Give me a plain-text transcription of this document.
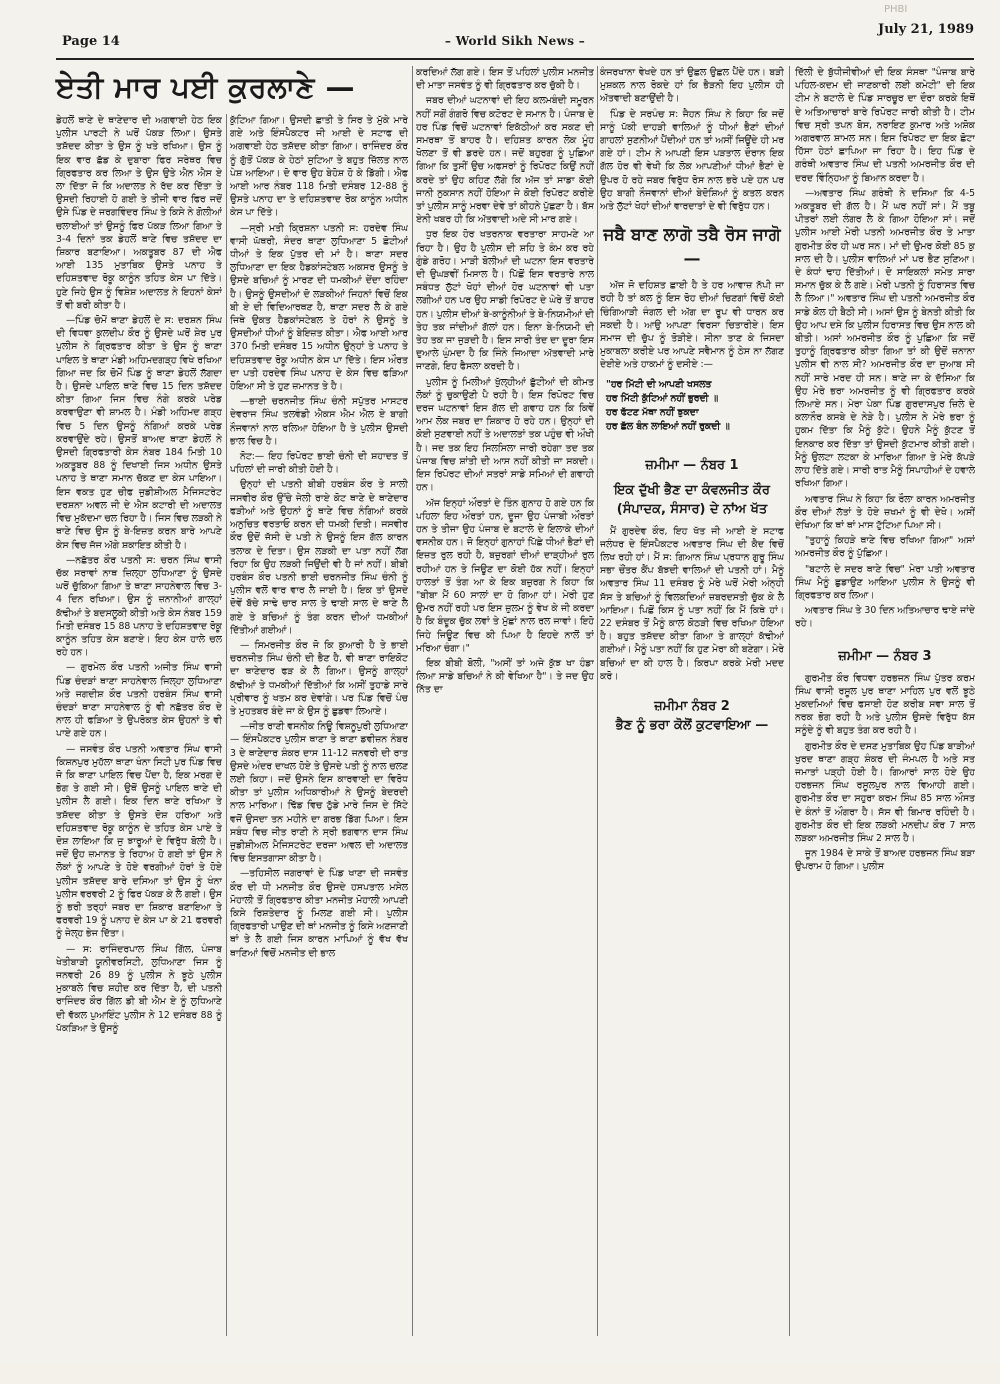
PHBI
Page 14	– World Sikh News –
July 21, 1989
ਏਤੀ ਮਾਰ ਪਈ ਕੁਰਲਾਣੇ —

ਡੇਹਲੋਂ ਥਾਣੇ ਦੇ ਥਾਣੇਦਾਰ ਦੀ ਅਗਵਾਈ ਹੇਠ ਇਕ ਪੁਲੀਸ ਪਾਰਟੀ ਨੇ ਘਰੋਂ ਪੱਕੜ ਲਿਆ। ਉਸਤੇ ਤਸ਼ੱਦਦ ਕੀਤਾ ਤੇ ਉਸ ਨੂੰ ਖਤੇ ਰਖਿਆ। ਉਸ ਨੂੰ ਇਕ ਵਾਰ ਛੱਡ ਕੇ ਦੁਬਾਰਾ ਫਿਰ ਸਰੇਥਰ ਵਿਚ ਗ੍ਰਿਫਤਾਰ ਕਰ ਲਿਆ ਤੇ ਉਸ ਉਤੇ ਐਨ ਐਸ ਏ ਲਾ ਦਿੱਤਾ ਜੋ ਕਿ ਅਦਾਲਤ ਨੇ ਰੱਦ ਕਰ ਦਿੱਤਾ ਤੇ ਉਸਦੀ ਰਿਹਾਈ ਹੋ ਗਈ ਤੇ ਤੀਜੀ ਵਾਰ ਫਿਰ ਜਦੋਂ ਉਸੇ ਪਿੰਡ ਦੇ ਜਰਗਵਿੰਦਰ ਸਿੰਘ ਤੇ ਕਿਸੇ ਨੇ ਗੋਲੀਆਂ ਚਲਾਈਆਂ ਤਾਂ ਉਸਨੂੰ ਫਿਰ ਪੱਕੜ ਲਿਆ ਗਿਆ ਤੇ 3-4 ਦਿਨਾਂ ਤਕ ਡੇਹਲੋਂ ਥਾਣੇ ਵਿਚ ਤਸ਼ੱਦਦ ਦਾ ਸ਼ਿਕਾਰ ਬਣਾਇਆ। ਅਕਤੂਬਰ 87 ਦੀ ਐਫ ਆਈ 135 ਮੁਤਾਬਿਕ ਉਸਤੇ ਪਨਾਹ ਤੇ ਦਹਿਸ਼ਤਵਾਦ ਰੋਕੂ ਕਾਨੂੰਨ ਤਹਿਤ ਕੇਸ ਪਾ ਦਿੱਤੇ। ਹੁਣੇ ਜਿਹੇ ਉਸ ਨੂੰ ਵਿਸ਼ੇਸ਼ ਅਦਾਲਤ ਨੇ ਇਹਨਾਂ ਕੇਸਾਂ ਤੋਂ ਵੀ ਬਰੀ ਕੀਤਾ ਹੈ।

—ਪਿੰਡ ਚੋਮੋਂ ਥਾਣਾ ਡੇਹਲੋਂ ਦੇ ਸ: ਦਰਸ਼ਨ ਸਿੰਘ ਦੀ ਵਿਧਵਾ ਕੁਲਦੀਪ ਕੌਰ ਨੂੰ ਉਸਦੇ ਘਰੋਂ ਸ਼ੇਰ ਪੁਰ ਪੁਲੀਸ ਨੇ ਗ੍ਰਿਫਤਾਰ ਕੀਤਾ ਤੇ ਉਸ ਨੂੰ ਥਾਣਾ ਪਾਇਲ ਤੇ ਥਾਣਾ ਮੰਡੀ ਅਹਿਮਦਗੜ੍ਹ ਵਿਖੇ ਰਖਿਆ ਗਿਆ ਜਦ ਕਿ ਚੋਮੋਂ ਪਿੰਡ ਨੂੰ ਥਾਣਾ ਡੇਹਲੋਂ ਲੱਗਦਾ ਹੈ। ਉਸਦੇ ਪਾਇਲ ਥਾਣੇ ਵਿਚ 15 ਦਿਨ ਤਸ਼ੱਦਦ ਕੀਤਾ ਗਿਆ ਜਿਸ ਵਿਚ ਨੰਗੇ ਕਰਕੇ ਪਰੇਡ ਕਰਵਾਉਣਾ ਵੀ ਸ਼ਾਮਲ ਹੈ। ਮੰਡੀ ਅਹਿਮਦ ਗੜ੍ਹ ਵਿਚ 5 ਦਿਨ ਉਸਨੂੰ ਨੰਗਿਆਂ ਕਰਕੇ ਪਰੇਡ ਕਰਵਾਉਂਦੇ ਰਹੇ। ਉਸਤੋਂ ਬਾਅਦ ਥਾਣਾ ਡੇਹਲੋਂ ਨੇ ਉਸਦੀ ਗ੍ਰਿਫਤਾਰੀ ਕੇਸ ਨੰਬਰ 184 ਮਿਤੀ 10 ਅਕਤੂਬਰ 88 ਨੂੰ ਦਿਖਾਈ ਜਿਸ ਅਧੀਨ ਉਸਤੇ ਪਨਾਹ ਤੇ ਥਾਣਾ ਸਮਾਨ ਚੱਕਣ ਦਾ ਕੇਸ ਪਾਇਆ। ਇਸ ਵਕਤ ਹੁਣ ਚੀਫ ਜੁਡੀਸ਼ੀਅਲ ਮੈਜਿਸਟਰੇਟ ਦਰਸ਼ਨਾ ਅਵਲ ਜੀ ਦੇ ਐਸ ਕਟਾਰੀ ਦੀ ਅਦਾਲਤ ਵਿਚ ਮੁਕੱਦਮਾ ਚਲ ਰਿਹਾ ਹੈ। ਜਿਸ ਵਿਚ ਲੜਕੀ ਨੇ ਥਾਣੇ ਵਿਚ ਉਸ ਨੂੰ ਬੇ-ਇਜ਼ਤ ਕਰਨ ਬਾਰੇ ਆਪਣੇ ਕੇਸ ਵਿਚ ਜੱਜ ਅੱਗੇ ਸ਼ਕਾਇਤ ਕੀਤੀ ਹੈ।

—ਨਛੱਤਰ ਕੌਰ ਪਤਨੀ ਸ: ਚਰਨ ਸਿੰਘ ਵਾਸੀ ਚੱਕ ਸਰਾਵਾਂ ਨਾਥ ਜ਼ਿਲ੍ਹਾ ਲੁਧਿਆਣਾ ਨੂੰ ਉਸਦੇ ਘਰੋਂ ਚੁੱਕਿਆ ਗਿਆ ਤੇ ਥਾਣਾ ਸਾਹਨੇਵਾਲ ਵਿਚ 3-4 ਦਿਨ ਰਖਿਆ। ਉਸ ਨੂੰ ਜ਼ਨਾਨੀਆਂ ਗਾਲ੍ਹਾਂ ਕੱਢੀਆਂ ਤੇ ਬਦਸਲੂਕੀ ਕੀਤੀ ਅਤੇ ਕੇਸ ਨੰਬਰ 159 ਮਿਤੀ ਦਸੰਬਰ 15 88 ਪਨਾਹ ਤੇ ਦਹਿਸ਼ਤਵਾਦ ਰੋਕੂ ਕਾਨੂੰਨ ਤਹਿਤ ਕੇਸ ਬਣਾਏ। ਇਹ ਕੇਸ ਹਾਲੇ ਚਲ ਰਹੇ ਹਨ।

— ਗੁਰਮੇਲ ਕੌਰ ਪਤਨੀ ਅਜੀਤ ਸਿੰਘ ਵਾਸੀ ਪਿੰਡ ਚੰਦੜਾਂ ਥਾਣਾ ਸਾਹਨੇਵਾਲ ਜਿਲ੍ਹਾ ਲੁਧਿਆਣਾ ਅਤੇ ਜਗਦੀਸ਼ ਕੌਰ ਪਤਨੀ ਹਰਬੰਸ ਸਿੰਘ ਵਾਸੀ ਚੰਦੜਾਂ ਥਾਣਾ ਸਾਹਨੇਵਾਲ ਨੂੰ ਵੀ ਨਛੱਤਰ ਕੌਰ ਦੇ ਨਾਲ ਹੀ ਫੜਿਆ ਤੇ ਉਪਰੋਕਤ ਕੇਸ ਉਹਨਾਂ ਤੇ ਵੀ ਪਾਏ ਗਏ ਹਨ।

— ਜਸਵੰਤ ਕੌਰ ਪਤਨੀ ਅਵਤਾਰ ਸਿੰਘ ਵਾਸੀ ਕਿਸ਼ਨਪੁਰ ਮੁਹੱਲਾ ਥਾਣਾ ਖੰਨਾ ਸਿਟੀ ਪੁਰ ਪਿੰਡ ਵਿਚ ਜੋ ਕਿ ਥਾਣਾ ਪਾਇਲ ਵਿਚ ਪੈਂਦਾ ਹੈ, ਇਕ ਮਰਗ ਦੇ ਭੋਗ ਤੇ ਗਈ ਸੀ। ਉਥੋਂ ਉਸਨੂੰ ਪਾਇਲ ਥਾਣੇ ਦੀ ਪੁਲੀਸ ਲੈ ਗਈ। ਇਕ ਦਿਨ ਥਾਣੇ ਰਖਿਆ ਤੇ ਤਸ਼ੱਦਦ ਕੀਤਾ ਤੇ ਉਸਤੇ ਦੋਸ਼ ਹਰਿਆ ਅਤੇ ਦਹਿਸ਼ਤਵਾਦ ਰੋਕੂ ਕਾਨੂੰਨ ਦੇ ਤਹਿਤ ਕੇਸ ਪਾਏ ਤੇ ਦੋਸ਼ ਲਾਇਆ ਕਿ ਜੁ ਝਾਰੂਆਂ ਦੇ ਵਿਰੁੱਧ ਬੋਲੀ ਹੈ। ਜਦੋਂ ਉਹ ਜ਼ਮਾਨਤ ਤੇ ਰਿਹਾਅ ਹੋ ਗਈ ਤਾਂ ਉਸ ਨੇ ਲੋਕਾਂ ਨੂੰ ਆਪਣੇ ਤੇ ਹੋਏ ਵਰਗੀਆਂ ਹੋਰਾਂ ਤੇ ਹੋਏ ਪੁਲੀਸ ਤਸ਼ੱਦਦ ਬਾਰੇ ਦਸਿਆ ਤਾਂ ਉਸ ਨੂੰ ਖੰਨਾ ਪੁਲੀਸ ਵਰਵਰੀ 2 ਨੂੰ ਫਿਰ ਪੱਕੜ ਕੇ ਲੈ ਗਈ। ਉਸ ਨੂੰ ਭਰੀ ਤਰ੍ਹਾਂ ਜਬਰ ਦਾ ਸ਼ਿਕਾਰ ਬਣਾਇਆ ਤੇ ਫਰਵਰੀ 19 ਨੂੰ ਪਨਾਹ ਦੇ ਕੇਸ ਪਾ ਕੇ 21 ਫਰਵਰੀ ਨੂੰ ਜੇਲ੍ਹ ਭੇਜ ਦਿੱਤਾ।

— ਸ: ਰਾਜਿੰਦਰਪਾਲ ਸਿੰਘ ਗਿੱਲ, ਪੰਜਾਬ ਖੇਤੀਬਾੜੀ ਯੂਨੀਵਰਸਿਟੀ, ਲੁਧਿਆਣਾ ਜਿਸ ਨੂੰ ਜਨਵਰੀ 26 89 ਨੂੰ ਪੁਲੀਸ ਨੇ ਝੂਠੇ ਪੁਲੀਸ ਮੁਕਾਬਲੇ ਵਿਚ ਸ਼ਹੀਦ ਕਰ ਦਿੱਤਾ ਹੈ, ਦੀ ਪਤਨੀ ਰਾਜਿੰਦਰ ਕੌਰ ਗਿੱਲ ਡੀ ਬੀ ਐਮ ਏ ਨੂੰ ਲੁਧਿਆਣੇ ਦੀ ਵੱਕਲ ਪੁਆਇੰਟ ਪੁਲੀਸ ਨੇ 12 ਦਸੰਬਰ 88 ਨੂੰ ਪੱਕੜਿਆ ਤੇ ਉਸਨੂੰ

ਕੁੱਟਿਆ ਗਿਆ। ਉਸਦੀ ਛਾਤੀ ਤੇ ਸਿਰ ਤੇ ਮੁੱਕੇ ਮਾਰੇ ਗਏ ਅਤੇ ਇੰਸਪੈਕਟਰ ਜੀ ਆਈ ਦੇ ਸਟਾਫ ਦੀ ਅਗਵਾਈ ਹੇਠ ਤਸ਼ੱਦਦ ਕੀਤਾ ਗਿਆ। ਰਾਜਿੰਦਰ ਕੌਰ ਨੂੰ ਗੁੱਤੋਂ ਪੱਕੜ ਕੇ ਹੇਠਾਂ ਸੁਟਿਆ ਤੇ ਬਹੁਤ ਜ਼ਿੱਲਤ ਨਾਲ ਪੇਸ਼ ਆਇਆ। ਦੋ ਵਾਰ ਉਹ ਬੇਹੋਸ਼ ਹੋ ਕੇ ਡਿੱਗੀ। ਐਫ ਆਈ ਆਰ ਨੰਬਰ 118 ਮਿਤੀ ਦਸੰਬਰ 12-88 ਨੂੰ ਉਸਤੇ ਪਨਾਹ ਦਾ ਤੇ ਦਹਿਸ਼ਤਵਾਦ ਰੋਕ ਕਾਨੂੰਨ ਅਧੀਨ ਕੇਸ ਪਾ ਦਿੱਤੇ।

—ਸ੍ਰੀ ਮਤੀ ਕ੍ਰਿਸ਼ਨਾ ਪਤਨੀ ਸ: ਹਰਦੇਵ ਸਿੰਘ ਵਾਸੀ ਘੱਥਰੀ, ਸੰਦਰ ਥਾਣਾ ਲੁਧਿਆਣਾ 5 ਛੋਟੀਆਂ ਧੀਆਂ ਤੇ ਇਕ ਪੁੱਤਰ ਦੀ ਮਾਂ ਹੈ। ਥਾਣਾ ਸਦਰ ਲੁਧਿਆਣਾ ਦਾ ਇਕ ਹੈਡਕਾਂਸਟੇਬਲ ਅਕਸਰ ਉਸਨੂੰ ਤੇ ਉਸਦੇ ਬਚਿਆਂ ਨੂੰ ਮਾਰਣ ਦੀ ਧਮਕੀਆਂ ਦੇਂਦਾ ਰਹਿੰਦਾ ਹੈ। ਉਸਨੂੰ ਉਸਦੀਆਂ ਦੋ ਲੜਕੀਆਂ ਜਿਹਨਾਂ ਵਿਚੋਂ ਇਕ ਬੀ ਏ ਦੀ ਵਿਦਿਆਰਥਣ ਹੈ, ਥਾਣਾ ਸਦਰ ਲੈ ਕੇ ਗਏ ਜਿਥੇ ਉਕਤ ਹੈਡਕਾਂਸਟੇਬਲ ਤੇ ਹੋਰਾਂ ਨੇ ਉਸਨੂੰ ਤੇ ਉਸਦੀਆਂ ਧੀਆਂ ਨੂੰ ਬੇਇਜ਼ਤ ਕੀਤਾ। ਐਫ ਆਈ ਆਰ 370 ਮਿਤੀ ਦਸੰਬਰ 15 ਅਧੀਨ ਉਨ੍ਹਾਂ ਤੇ ਪਨਾਹ ਤੇ ਦਹਿਸ਼ਤਵਾਦ ਰੋਕੂ ਅਧੀਨ ਕੇਸ ਪਾ ਦਿੱਤੇ। ਇਸ ਔਰਤ ਦਾ ਪਤੀ ਹਰਦੇਵ ਸਿੰਘ ਪਨਾਹ ਦੇ ਕੇਸ ਵਿਚ ਫੜਿਆ ਹੋਇਆ ਸੀ ਤੇ ਹੁਣ ਜ਼ਮਾਨਤ ਤੇ ਹੈ।

—ਭਾਈ ਚਰਨਜੀਤ ਸਿੰਘ ਚੰਨੀ ਸਪੁੱਤਰ ਮਾਸਟਰ ਦੇਵਰਾਜ ਸਿੰਘ ਤਲਵੰਡੀ ਐਕਸ ਐਮ ਐਲ ਏ ਬਾਗੀ ਨੌਜਵਾਨਾਂ ਨਾਲ ਰਲਿਆ ਹੋਇਆ ਹੈ ਤੇ ਪੁਲੀਸ ਉਸਦੀ ਭਾਲ ਵਿਚ ਹੈ।

ਨੋਟ:— ਇਹ ਰਿਪੋਰਟ ਭਾਈ ਚੰਨੀ ਦੀ ਸ਼ਹਾਦਤ ਤੋਂ ਪਹਿਲਾਂ ਦੀ ਜਾਰੀ ਕੀਤੀ ਹੋਈ ਹੈ।

ਉਨ੍ਹਾਂ ਦੀ ਪਤਨੀ ਬੀਬੀ ਹਰਬੰਸ ਕੌਰ ਤੇ ਸਾਲੀ ਜਸਵੀਰ ਕੌਰ ਉੱਚੇ ਜੇਲੀ ਰਾਏ ਕੋਟ ਥਾਣੇ ਦੇ ਥਾਣੇਦਾਰ ਫੜੀਆਂ ਅਤੇ ਉਹਨਾਂ ਨੂੰ ਥਾਣੇ ਵਿਚ ਨੰਗਿਆਂ ਕਰਕੇ ਅਨੁਚਿਤ ਵਰਤਾਓ ਕਰਨ ਦੀ ਧਮਕੀ ਦਿਤੀ। ਜਸਵੀਰ ਕੌਰ ਉਦੋਂ ਜੱਸੀ ਦੇ ਪਤੀ ਨੇ ਉਸਨੂੰ ਇਸ ਗੱਲ ਕਾਰਨ ਤਲਾਕ ਦੇ ਦਿਤਾ। ਉਸ ਲੜਕੀ ਦਾ ਪਤਾ ਨਹੀਂ ਲੱਗ ਰਿਹਾ ਕਿ ਉਹ ਲੜਕੀ ਜਿਉਂਦੀ ਵੀ ਹੈ ਜਾਂ ਨਹੀਂ। ਬੀਬੀ ਹਰਬੰਸ ਕੌਰ ਪਤਨੀ ਭਾਈ ਚਰਨਜੀਤ ਸਿੰਘ ਚੰਨੀ ਨੂੰ ਪੁਲੀਸ ਵਲੋਂ ਵਾਰ ਵਾਰ ਲੈ ਜਾਈ ਹੈ। ਇਕ ਤਾਂ ਉਸਦੇ ਦੋਵੇਂ ਬੱਚੇ ਸਾਢੇ ਚਾਰ ਸਾਲ ਤੇ ਢਾਈ ਸਾਲ ਦੇ ਥਾਣੇ ਲੈ ਗਏ ਤੇ ਬਚਿਆਂ ਨੂੰ ਤੰਗ ਕਰਨ ਦੀਆਂ ਧਮਕੀਆਂ ਦਿੱਤੀਆਂ ਗਈਆਂ।

— ਸਿਮਰਜੀਤ ਕੌਰ ਜੋ ਕਿ ਕੁਆਰੀ ਹੈ ਤੇ ਭਾਈ ਚਰਨਜੀਤ ਸਿੰਘ ਚੰਨੀ ਦੀ ਭੈਣ ਹੈ, ਵੀ ਥਾਣਾ ਰਾਇਕੋਟ ਦਾ ਥਾਣੇਦਾਰ ਫੜ ਕੇ ਲੈ ਗਿਆ। ਉਸਨੂੰ ਗਾਲ੍ਹਾਂ ਕੱਢੀਆਂ ਤੇ ਧਮਕੀਆਂ ਦਿੱਤੀਆਂ ਕਿ ਅਸੀਂ ਤੁਹਾਡੇ ਸਾਰੇ ਪ੍ਰੀਵਾਰ ਨੂੰ ਖਤਮ ਕਰ ਦੇਵਾਂਗੇ। ਪਰ ਪਿੰਡ ਵਿਚੋਂ ਪੰਚ ਤੇ ਮੁਹਤਬਰ ਬੰਦੇ ਜਾ ਕੇ ਉਸ ਨੂੰ ਛੁਡਵਾ ਲਿਆਏ।

—ਜੀਤ ਰਾਣੀ ਵਸਨੀਕ ਨਿਊ ਵਿਸ਼ਨੂਪੁਰੀ ਲੁਧਿਆਣਾ— ਇੰਸਪੈਕਟਰ ਪੁਲੀਸ ਥਾਣਾ ਤੇ ਥਾਣਾ ਡਵੀਜ਼ਨ ਨੰਬਰ 3 ਦੇ ਥਾਣੇਦਾਰ ਸ਼ੰਕਰ ਦਾਸ 11-12 ਜਨਵਰੀ ਦੀ ਰਾਤ ਉਸਦੇ ਅੰਦਰ ਦਾਖਲ ਹੋਏ ਤੇ ਉਸਦੇ ਪਤੀ ਨੂੰ ਨਾਲ ਚਲਣ ਲਈ ਕਿਹਾ। ਜਦੋਂ ਉਸਨੇ ਇਸ ਕਾਰਵਾਈ ਦਾ ਵਿਰੋਧ ਕੀਤਾ ਤਾਂ ਪੁਲੀਸ ਅਧਿਕਾਰੀਆਂ ਨੇ ਉਸਨੂੰ ਬੇਦਰਦੀ ਨਾਲ ਮਾਰਿਆ। ਢਿੱਡ ਵਿਚ ਠੁੱਡੇ ਮਾਰੇ ਜਿਸ ਦੇ ਸਿੱਟੇ ਵਜੋਂ ਉਸਦਾ ਤਨ ਮਹੀਨੇ ਦਾ ਗਰਭ ਡਿੱਗ ਪਿਆ। ਇਸ ਸਬੰਧ ਵਿਚ ਜੀਤ ਰਾਣੀ ਨੇ ਸ੍ਰੀ ਭਗਵਾਨ ਦਾਸ ਸਿੰਘ ਜੁਡੀਸ਼ੀਅਲ ਮੈਜਿਸਟਰੇਟ ਦਰਜਾ ਅਵਲ ਦੀ ਅਦਾਲਤ ਵਿਚ ਇਸਤਗਾਸਾ ਕੀਤਾ ਹੈ।

—ਤਹਿਸੀਲ ਜਗਰਾਵਾਂ ਦੇ ਪਿੰਡ ਖਾਣਾ ਦੀ ਜਸਵੰਤ ਕੌਰ ਦੀ ਧੀ ਮਨਜੀਤ ਕੌਰ ਉਸਦੇ ਹਸਪਤਾਲ ਮਸੇਲ ਮੋਹਾਲੀ ਤੋਂ ਗ੍ਰਿਫਤਾਰ ਕੀਤਾ ਮਨਜੀਤ ਮੋਹਾਲੀ ਆਪਣੀ ਕਿਸੇ ਰਿਸ਼ਤੇਦਾਰ ਨੂੰ ਮਿਲਣ ਗਈ ਸੀ। ਪੁਲੀਸ ਗ੍ਰਿਫਤਾਰੀ ਪਾਉਣ ਦੀ ਥਾਂ ਮਨਜੀਤ ਨੂੰ ਕਿਸੇ ਅਣਜਾਣੀ ਥਾਂ ਤੇ ਲੈ ਗਈ ਜਿਸ ਕਾਰਨ ਮਾਪਿਆਂ ਨੂੰ ਵੱਖ ਵੱਖ ਥਾਣਿਆਂ ਵਿਚੋਂ ਮਨਜੀਤ ਦੀ ਭਾਲ

ਕਰਦਿਆਂ ਲੱਗ ਗਏ। ਇਸ ਤੋਂ ਪਹਿਲਾਂ ਪੁਲੀਸ ਮਨਜੀਤ ਦੀ ਮਾਤਾ ਜਸਵੰਤ ਨੂੰ ਵੀ ਗ੍ਰਿਫਤਾਰ ਕਰ ਚੁੱਕੀ ਹੈ।

ਜਬਰ ਦੀਆਂ ਘਟਨਾਵਾਂ ਦੀ ਇਹ ਕਲਮਬੰਦੀ ਸਮੂਰਨ ਨਹੀਂ ਸਗੋਂ ਗੰਗਰੋ ਵਿਚ ਕਟੋਰਟ ਦੇ ਸਮਾਨ ਹੈ। ਪੰਜਾਬ ਦੇ ਹਰ ਪਿੰਡ ਵਿਚੋਂ ਘਟਨਾਵਾਂ ਇਕੱਠੀਆਂ ਕਰ ਸਕਣ ਦੀ ਸਮਰਥਾ ਤੋਂ ਬਾਹਰ ਹੈ। ਦਹਿਸ਼ਤ ਕਾਰਨ ਲੋਕ ਮੂੰਹ ਖੋਲਣਾ ਤੋਂ ਵੀ ਡਰਦੇ ਹਨ। ਜਦੋਂ ਬਹੁਰਗ ਨੂੰ ਪੁਛਿਆ ਗਿਆ ਕਿ ਤੁਸੀਂ ਉਚ ਅਫਸਰਾਂ ਨੂੰ ਰਿਪੋਰਟ ਕਿਉਂ ਨਹੀਂ ਕਰਦੇ ਤਾਂ ਉਹ ਕਹਿਣ ਲੱਗੇ ਕਿ ਅੱਜ ਤਾਂ ਸਾਡਾ ਕੋਈ ਜਾਨੀ ਨੁਕਸਾਨ ਨਹੀਂ ਹੋਇਆ ਜੇ ਕੋਈ ਰਿਪੋਰਟ ਕਰੀਏ ਤਾਂ ਪੁਲੀਸ ਸਾਨੂੰ ਮਰਵਾ ਦੇਵੇ ਤਾਂ ਕੀਹਨੇ ਪੁੱਛਣਾ ਹੈ। ਬੱਸ ਏਨੀ ਖਬਰ ਹੀ ਕਿ ਅੱਤਵਾਦੀ ਅਦੇ ਸੀ ਮਾਰ ਗਏ।

ਧੁਰ ਇਕ ਹੋਰ ਖਤਰਨਾਕ ਵਰਤਾਰਾ ਸਾਹਮਣੇ ਆ ਰਿਹਾ ਹੈ। ਉਹ ਹੈ ਪੁਲੀਸ ਦੀ ਸ਼ਹਿ ਤੇ ਕੰਮ ਕਰ ਰਹੇ ਗੁੰਡੇ ਗਰੋਹ। ਮਾੜੀ ਬੋਲੀਆਂ ਦੀ ਘਟਨਾ ਇਸ ਵਰਤਾਰੇ ਦੀ ਉਘੜਵੀਂ ਮਿਸਾਲ ਹੈ। ਪਿੱਛੋਂ ਇਸ ਵਰਤਾਰੇ ਨਾਲ ਸਬੰਧਤ ਲੁੱਟਾਂ ਖੋਹਾਂ ਦੀਆਂ ਹੋਰ ਘਟਨਾਵਾਂ ਵੀ ਪਤਾ ਲਗੀਆਂ ਹਨ ਪਰ ਉਹ ਸਾਡੀ ਰਿਪੋਰਟ ਦੇ ਘੇਰੇ ਤੋਂ ਬਾਹਰ ਹਨ। ਪੁਲੀਸ ਦੀਆਂ ਬੇ-ਕਾਨੂੰਨੀਆਂ ਤੇ ਬੇ-ਨਿਯਮੀਆਂ ਦੀ ਤੇਹ ਤਕ ਜਾਂਦੀਆਂ ਗੱਲਾਂ ਹਨ। ਇਨਾ ਬੇ-ਨਿਯਮੀ ਦੀ ਤੇਹ ਤਕ ਜਾ ਜੁੜਦੀ ਹੈ। ਇਸ ਸਾਰੀ ਤੰਦ ਦਾ ਦੂਰਾ ਇਸ ਦੁਆਲੇ ਘੁੰਮਦਾ ਹੈ ਕਿ ਜਿੰਨੇ ਜਿਆਦਾ ਅੱਤਵਾਦੀ ਮਾਰੇ ਜਾਣਗੇ, ਇਹ ਫੈਸਲਾ ਕਰਦੀ ਹੈ।

ਪੁਲੀਸ ਨੂੰ ਮਿਲੀਆਂ ਖੁੱਲ੍ਹੀਆਂ ਛੁੱਟੀਆਂ ਦੀ ਕੀਮਤ ਲੋਕਾਂ ਨੂੰ ਚੁਕਾਉਣੀ ਪੈ ਰਹੀ ਹੈ। ਇਸ ਰਿਪੋਰਟ ਵਿਚ ਦਰਜ ਘਟਨਾਵਾਂ ਇਸ ਗੱਲ ਦੀ ਗਵਾਹ ਹਨ ਕਿ ਕਿਵੇਂ ਆਮ ਲੋਕ ਜਬਰ ਦਾ ਸ਼ਿਕਾਰ ਹੋ ਰਹੇ ਹਨ। ਉਨ੍ਹਾਂ ਦੀ ਕੋਈ ਸੁਣਵਾਈ ਨਹੀਂ ਤੇ ਅਦਾਲਤਾਂ ਤਕ ਪਹੁੰਚ ਵੀ ਔਖੀ ਹੈ। ਜਦ ਤਕ ਇਹ ਸਿਲਸਿਲਾ ਜਾਰੀ ਰਹੇਗਾ ਤਦ ਤਕ ਪੰਜਾਬ ਵਿਚ ਸ਼ਾਂਤੀ ਦੀ ਆਸ ਨਹੀਂ ਕੀਤੀ ਜਾ ਸਕਦੀ। ਇਸ ਰਿਪੋਰਟ ਦੀਆਂ ਸਤਰਾਂ ਸਾਡੇ ਸਮਿਆਂ ਦੀ ਗਵਾਹੀ ਹਨ।

ਅੱਜ ਇਨ੍ਹਾਂ ਔਰਤਾਂ ਦੇ ਤਿੰਨ ਗੁਨਾਹ ਹੋ ਗਏ ਹਨ ਕਿ ਪਹਿਲਾ ਇਹ ਔਰਤਾਂ ਹਨ, ਦੂਜਾ ਉਹ ਪੰਜਾਬੀ ਔਰਤਾਂ ਹਨ ਤੇ ਤੀਜਾ ਉਹ ਪੰਜਾਬ ਦੇ ਬਟਾਲੇ ਦੇ ਇਲਾਕੇ ਦੀਆਂ ਵਸਨੀਕ ਹਨ। ਜੋ ਇਨ੍ਹਾਂ ਗੁਨਾਹਾਂ ਪਿੱਛੇ ਧੀਆਂ ਭੈਣਾਂ ਦੀ ਇਜ਼ਤ ਰੁਲ ਰਹੀ ਹੈ, ਬਜ਼ੁਰਗਾਂ ਦੀਆਂ ਦਾੜ੍ਹੀਆਂ ਰੁਲ ਰਹੀਆਂ ਹਨ ਤੇ ਜਿਊਣ ਦਾ ਕੋਈ ਹੱਕ ਨਹੀਂ। ਇਨ੍ਹਾਂ ਹਾਲਤਾਂ ਤੋਂ ਤੰਗ ਆ ਕੇ ਇਕ ਬਜ਼ੁਰਗ ਨੇ ਕਿਹਾ ਕਿ "ਬੀਬਾ ਮੈਂ 60 ਸਾਲਾਂ ਦਾ ਹੋ ਗਿਆ ਹਾਂ। ਮੇਰੀ ਹੁਣ ਉਮਰ ਨਹੀਂ ਰਹੀ ਪਰ ਇਸ ਜ਼ੁਲਮ ਨੂੰ ਵੇਖ ਕੇ ਜੀ ਕਰਦਾ ਹੈ ਕਿ ਬੰਦੂਕ ਚੁੱਕ ਲਵਾਂ ਤੇ ਮੁੱਛਾਂ ਨਾਲ ਰਲ ਜਾਵਾਂ। ਇਹੋ ਜਿਹੇ ਜਿਊਣ ਵਿਚ ਕੀ ਪਿਆ ਹੈ ਇਹਦੇ ਨਾਲੋਂ ਤਾਂ ਮਰਿਆ ਚੰਗਾ।"

ਇਕ ਬੀਬੀ ਬੋਲੀ, "ਅਸੀਂ ਤਾਂ ਅਜੇ ਕੁੱਝ ਖਾ ਹੰਡਾ ਲਿਆ ਸਾਡੇ ਬਚਿਆਂ ਨੇ ਕੀ ਵੇਖਿਆ ਹੈ"। ਤੇ ਜਦ ਉਹ ਨਿੱਤ ਦਾ

ਕੰਜਰਖਾਨਾ ਵੇਖਦੇ ਹਨ ਤਾਂ ਉਛਲ ਉਛਲ ਪੈਂਦੇ ਹਨ। ਬੜੀ ਮੁਸ਼ਕਲ ਨਾਲ ਰੋਕਦੇ ਹਾਂ ਕਿ ਭੈੜਨੀ ਇਹ ਪੁਲੀਸ ਹੀ ਅੱਤਵਾਦੀ ਬਣਾਉਂਦੀ ਹੈ।

ਪਿੰਡ ਦੇ ਸਰਪੰਚ ਸ: ਜੈਹਨ ਸਿੰਘ ਨੇ ਕਿਹਾ ਕਿ ਜਦੋਂ ਸਾਨੂੰ ਪੱਕੀ ਦਾਹੜੀ ਵਾਲਿਆਂ ਨੂੰ ਧੀਆਂ ਭੈਣਾਂ ਦੀਆਂ ਗਾਹਲਾਂ ਸੁਣਨੀਆਂ ਪੈਂਦੀਆਂ ਹਨ ਤਾਂ ਅਸੀਂ ਜਿਊਂਦੇ ਹੀ ਮਰ ਗਏ ਹਾਂ। ਟੀਮ ਨੇ ਆਪਣੀ ਇਸ ਪੜਤਾਲ ਦੌਰਾਨ ਇਕ ਗੱਲ ਹੋਰ ਵੀ ਵੇਖੀ ਕਿ ਲੋਕ ਆਪਣੀਆਂ ਧੀਆਂ ਭੈਣਾਂ ਦੇ ਉਪਰ ਹੋ ਰਹੇ ਜਬਰ ਵਿਰੁੱਧ ਰੋਸ ਨਾਲ ਭਰੇ ਪਏ ਹਨ ਪਰ ਉਹ ਬਾਗੀ ਨੌਜਵਾਨਾਂ ਦੀਆਂ ਬੇਦੋਸ਼ਿਆਂ ਨੂੰ ਕਤਲ ਕਰਨ ਅਤੇ ਲੁੱਟਾਂ ਖੋਹਾਂ ਦੀਆਂ ਵਾਰਦਾਤਾਂ ਦੇ ਵੀ ਵਿਰੁੱਧ ਹਨ।

ਜਬੈ ਬਾਣ ਲਾਗੋ ਤਬੈ ਰੋਸ ਜਾਗੋ —

ਅੱਜ ਜੋ ਦਹਿਸ਼ਤ ਛਾਈ ਹੈ ਤੇ ਹਰ ਆਵਾਜ਼ ਨੱਪੀ ਜਾ ਰਹੀ ਹੈ ਤਾਂ ਕਲ ਨੂੰ ਇਸ ਰੋਹ ਦੀਆਂ ਚਿਣਗਾਂ ਵਿਚੋਂ ਕੋਈ ਚਿੰਗਿਆੜੀ ਜੰਗਲ ਦੀ ਅੱਗ ਦਾ ਰੂਪ ਵੀ ਧਾਰਨ ਕਰ ਸਕਦੀ ਹੈ। ਆਉ ਆਪਣਾ ਵਿਰਸਾ ਚਿਤਾਰੀਏ। ਇਸ ਸਮਾਜ ਦੀ ਚੁੱਪ ਨੂੰ ਤੋੜੀਏ। ਸੀਨਾ ਤਾਣ ਕੇ ਜਿਸਦਾ ਮੁਕਾਬਲਾ ਕਰੀਏ ਪਰ ਆਪਣੇ ਸਵੈਮਾਨ ਨੂੰ ਠੇਸ ਨਾ ਲੱਗਣ ਦੇਈਏ ਅਤੇ ਹਾਕਮਾਂ ਨੂੰ ਦਸੀਏ :—

"ਹਰ ਮਿੱਟੀ ਦੀ ਆਪਣੀ ਖਸਲਤ
ਹਰ ਮਿੱਟੀ ਕੁੱਟਿਆਂ ਨਹੀਂ ਭੁਰਦੀ ॥
ਹਰ ਫੱਟਣ ਮੱਥਾ ਨਹੀਂ ਝੁਕਦਾ
ਹਰ ਛੱਲ ਬੰਨ ਲਾਇਆਂ ਨਹੀਂ ਰੁਕਦੀ ॥
ਜ਼ਮੀਮਾ — ਨੰਬਰ 1
ਇਕ ਦੁੱਖੀ ਭੈਣ ਦਾ ਕੰਵਲਜੀਤ ਕੌਰ (ਸੰਪਾਦਕ, ਸੰਸਾਰ) ਦੇ ਨਾਂਅ ਖੱਤ

ਮੈਂ ਗੁਰਦੇਵ ਕੌਰ, ਇਹ ਖੱਤ ਜੀ ਆਈ ਏ ਸਟਾਫ ਜਲੰਧਰ ਦੇ ਇੰਸਪੈਕਟਰ ਅਵਤਾਰ ਸਿੰਘ ਦੀ ਕੈਦ ਵਿਚੋਂ ਲਿਖ ਰਹੀ ਹਾਂ। ਮੈਂ ਸ: ਗਿਆਨ ਸਿੰਘ ਪ੍ਰਧਾਨ ਗੁਰੂ ਸਿੰਘ ਸਭਾ ਚੌਂਤਰ ਕੈਂਪ ਬੱਝਦੀ ਵਾਲਿਆਂ ਦੀ ਪਤਨੀ ਹਾਂ। ਮੈਨੂੰ ਅਵਤਾਰ ਸਿੰਘ 11 ਦਸੰਬਰ ਨੂੰ ਮੇਰੇ ਘਰੋਂ ਮੇਰੀ ਅੰਨ੍ਹੀ ਸੱਸ ਤੇ ਬਚਿਆਂ ਨੂੰ ਵਿਲਕਦਿਆਂ ਜ਼ਬਰਦਸਤੀ ਚੁੱਕ ਕੇ ਲੈ ਆਇਆ। ਪਿਛੋਂ ਕਿਸ ਨੂੰ ਪਤਾ ਨਹੀਂ ਕਿ ਮੈਂ ਕਿਥੇ ਹਾਂ। 22 ਦਸੰਬਰ ਤੋਂ ਮੈਨੂੰ ਕਾਲ ਕੋਠੜੀ ਵਿਚ ਰਖਿਆ ਹੋਇਆ ਹੈ। ਬਹੁਤ ਤਸ਼ੱਦਦ ਕੀਤਾ ਗਿਆ ਤੇ ਗਾਲ੍ਹਾਂ ਕੱਢੀਆਂ ਗਈਆਂ। ਮੈਨੂੰ ਪਤਾ ਨਹੀਂ ਕਿ ਹੁਣ ਮੇਰਾ ਕੀ ਬਣੇਗਾ। ਮੇਰੇ ਬਚਿਆਂ ਦਾ ਕੀ ਹਾਲ ਹੈ। ਕਿਰਪਾ ਕਰਕੇ ਮੇਰੀ ਮਦਦ ਕਰੋ।

ਜ਼ਮੀਮਾ ਨੰਬਰ 2
ਭੈਣ ਨੂੰ ਭਰਾ ਕੋਲੋਂ ਕੁਟਵਾਇਆ —

ਦਿੱਲੀ ਦੇ ਬੁੱਧੀਜੀਵੀਆਂ ਦੀ ਇਕ ਸੰਸਥਾ "ਪੰਜਾਬ ਬਾਰੇ ਪਹਿਲ-ਕਦਮ ਦੀ ਜਾਣਕਾਰੀ ਲਈ ਕਮੇਟੀ" ਦੀ ਇਕ ਟੀਮ ਨੇ ਬਟਾਲੇ ਦੇ ਪਿੰਡ ਸਾਰਚੂਰ ਦਾ ਦੌਰਾ ਕਰਕੇ ਇਥੋਂ ਦੇ ਅਤਿਆਚਾਰਾਂ ਬਾਰੇ ਰਿਪੋਰਟ ਜਾਰੀ ਕੀਤੀ ਹੈ। ਟੀਮ ਵਿਚ ਸ੍ਰੀ ਤਪਨ ਬੋਸ, ਨਰਾਇਣ ਕੁਮਾਰ ਅਤੇ ਅਸ਼ੋਕ ਅਗਰਵਾਲ ਸ਼ਾਮਲ ਸਨ। ਇਸ ਰਿਪੋਰਟ ਦਾ ਇਕ ਛੋਟਾ ਹਿੱਸਾ ਹੇਠਾਂ ਛਾਪਿਆ ਜਾ ਰਿਹਾ ਹੈ। ਇਹ ਪਿੰਡ ਦੇ ਗਰੰਥੀ ਅਵਤਾਰ ਸਿੰਘ ਦੀ ਪਤਨੀ ਅਮਰਜੀਤ ਕੌਰ ਦੀ ਦਰਦ ਵਿੰਨ੍ਹਿਆ ਨੂੰ ਬਿਆਨ ਕਰਦਾ ਹੈ।

—ਅਵਤਾਰ ਸਿੰਘ ਗਰੰਥੀ ਨੇ ਦਸਿਆ ਕਿ 4-5 ਅਕਤੂਬਰ ਦੀ ਗੱਲ ਹੈ। ਮੈਂ ਘਰ ਨਹੀਂ ਸਾਂ। ਮੈਂ ਤਬੂ ਪੀਤਰਾਂ ਲਈ ਲੰਗਰ ਲੈ ਕੇ ਗਿਆ ਹੋਇਆ ਸਾਂ। ਜਦੋਂ ਪੁਲੀਸ ਆਈ ਮੇਰੀ ਪਤਨੀ ਅਮਰਜੀਤ ਕੌਰ ਤੇ ਮਾਤਾ ਗੁਰਮੀਤ ਕੌਰ ਹੀ ਘਰ ਸਨ। ਮਾਂ ਦੀ ਉਮਰ ਕੋਈ 85 ਕੁ ਸਾਲ ਦੀ ਹੈ। ਪੁਲੀਸ ਵਾਲਿਆਂ ਮਾਂ ਪਰ ਭੈਣ ਸੁਣਿਆ। ਦੇ ਕੰਧਾਂ ਢਾਹ ਦਿੱਤੀਆਂ। ਦੋ ਸਾਇਕਲਾਂ ਸਮੇਤ ਸਾਰਾ ਸਮਾਨ ਚੁੱਕ ਕੇ ਲੈ ਗਏ। ਮੇਰੀ ਪਤਨੀ ਨੂੰ ਹਿਰਾਸਤ ਵਿਚ ਲੈ ਲਿਆ।" ਅਵਤਾਰ ਸਿੰਘ ਦੀ ਪਤਨੀ ਅਮਰਜੀਤ ਕੌਰ ਸਾਡੇ ਕੋਲ ਹੀ ਬੈਠੀ ਸੀ। ਅਸਾਂ ਉਸ ਨੂੰ ਬੇਨਤੀ ਕੀਤੀ ਕਿ ਉਹ ਆਪ ਦਸੇ ਕਿ ਪੁਲੀਸ ਹਿਰਾਸਤ ਵਿਚ ਉਸ ਨਾਲ ਕੀ ਬੀਤੀ। ਅਸਾਂ ਅਮਰਜੀਤ ਕੌਰ ਨੂੰ ਪੁਛਿਆ ਕਿ ਜਦੋਂ ਤੁਹਾਨੂੰ ਗ੍ਰਿਫਤਾਰ ਕੀਤਾ ਗਿਆ ਤਾਂ ਕੀ ਉਦੋਂ ਜ਼ਨਾਨਾ ਪੁਲੀਸ ਵੀ ਨਾਲ ਸੀ? ਅਮਰਜੀਤ ਕੌਰ ਦਾ ਜੁਆਬ ਸੀ ਨਹੀਂ ਸਾਰੇ ਮਰਦ ਹੀ ਸਨ। ਥਾਣੇ ਜਾ ਕੇ ਦੱਸਿਆ ਕਿ ਉਹ ਮੇਰੇ ਭਰਾ ਅਮਰਜੀਤ ਨੂੰ ਵੀ ਗ੍ਰਿਫਤਾਰ ਕਰਕੇ ਲਿਆਏ ਸਨ। ਮੇਰਾ ਪੇਕਾ ਪਿੰਡ ਗੁਰਦਾਸਪੁਰ ਜ਼ਿਲੇ ਦੇ ਕਲਾਨੌਰ ਕਸਬੇ ਦੇ ਨੇੜੇ ਹੈ। ਪੁਲੀਸ ਨੇ ਮੇਰੇ ਭਰਾ ਨੂੰ ਹੁਕਮ ਦਿੱਤਾ ਕਿ ਮੈਨੂੰ ਕੁੱਟੇ। ਉਹਨੇ ਮੈਨੂੰ ਕੁੱਟਣ ਤੋਂ ਇਨਕਾਰ ਕਰ ਦਿੱਤਾ ਤਾਂ ਉਸਦੀ ਕੁੱਟਮਾਰ ਕੀਤੀ ਗਈ। ਮੈਨੂੰ ਉਲਟਾ ਲਟਕਾ ਕੇ ਮਾਰਿਆ ਗਿਆ ਤੇ ਮੇਰੇ ਕੱਪੜੇ ਲਾਹ ਦਿੱਤੇ ਗਏ। ਸਾਰੀ ਰਾਤ ਮੈਨੂੰ ਸਿਪਾਹੀਆਂ ਦੇ ਹਵਾਲੇ ਰਖਿਆ ਗਿਆ।

ਅਵਤਾਰ ਸਿੰਘ ਨੇ ਕਿਹਾ ਕਿ ਰੌਲਾ ਕਾਰਨ ਅਮਰਜੀਤ ਕੌਰ ਦੀਆਂ ਲੱਤਾਂ ਤੇ ਹੋਏ ਜ਼ਖਮਾਂ ਨੂੰ ਵੀ ਦੇਖੋ। ਅਸੀਂ ਦੇਖਿਆ ਕਿ ਥਾਂ ਥਾਂ ਮਾਸ ਟੁੱਟਿਆ ਪਿਆ ਸੀ।

"ਤੁਹਾਨੂੰ ਕਿਹੜੇ ਥਾਣੇ ਵਿਚ ਰਖਿਆ ਗਿਆ" ਅਸਾਂ ਅਮਰਜੀਤ ਕੌਰ ਨੂੰ ਪੁੱਛਿਆ।

"ਬਟਾਲੇ ਦੇ ਸਦਰ ਥਾਣੇ ਵਿਚ" ਮੇਰਾ ਪਤੀ ਅਵਤਾਰ ਸਿੰਘ ਮੈਨੂੰ ਛੁਡਾਉਣ ਆਇਆ ਪੁਲੀਸ ਨੇ ਉਸਨੂੰ ਵੀ ਗ੍ਰਿਫਤਾਰ ਕਰ ਲਿਆ।

ਅਵਤਾਰ ਸਿੰਘ ਤੇ 30 ਦਿਨ ਅਤਿਆਚਾਰ ਢਾਏ ਜਾਂਦੇ ਰਹੇ।

ਜ਼ਮੀਮਾ — ਨੰਬਰ 3

ਗੁਰਮੀਤ ਕੌਰ ਵਿਧਵਾ ਹਰਭਜਨ ਸਿੰਘ ਪੁੱਤਰ ਕਰਮ ਸਿੰਘ ਵਾਸੀ ਰਸੂਲ ਪੁਰ ਥਾਣਾ ਮਾਹਿਲ ਪੁਰ ਵਲੋਂ ਝੂਠੇ ਮੁਕਦਮਿਆਂ ਵਿਚ ਫਸਾਈ ਹੋਣ ਕਰੀਬ ਸਵਾ ਸਾਲ ਤੋਂ ਨਰਕ ਭੋਗ ਰਹੀ ਹੈ ਅਤੇ ਪੁਲੀਸ ਉਸਦੇ ਵਿਰੁੱਧ ਕੱਸ ਸਨੂੰਦੇ ਨੂੰ ਵੀ ਬਹੁਤ ਤੰਗ ਕਰ ਰਹੀ ਹੈ।

ਗੁਰਮੀਤ ਕੌਰ ਦੇ ਦਸਣ ਮੁਤਾਬਿਕ ਉਹ ਪਿੰਡ ਬਾੜੀਆਂ ਖੁਰਦ ਥਾਣਾ ਗੜ੍ਹ ਸ਼ੰਕਰ ਦੀ ਜੰਮਪਲ ਹੈ ਅਤੇ ਸਤ ਜਮਾਤਾਂ ਪੜ੍ਹੀ ਹੋਈ ਹੈ। ਗਿਆਰਾਂ ਸਾਲ ਹੋਏ ਉਹ ਹਰਭਜਨ ਸਿੰਘ ਰਸੂਲਪੁਰ ਨਾਲ ਵਿਆਹੀ ਗਈ। ਗੁਰਮੀਤ ਕੌਰ ਦਾ ਸਹੁਰਾ ਕਰਮ ਸਿੰਘ 85 ਸਾਲ ਔਸਤ ਦੇ ਕੰਨਾਂ ਤੋਂ ਔਗਰਾ ਹੈ। ਸੱਸ ਵੀ ਬਿਮਾਰ ਰਹਿੰਦੀ ਹੈ। ਗੁਰਮੀਤ ਕੌਰ ਦੀ ਇਕ ਲੜਕੀ ਮਨਦੀਪ ਕੌਰ 7 ਸਾਲ ਲੜਕਾ ਅਮਰਜੀਤ ਸਿੰਘ 2 ਸਾਲ ਹੈ।

ਜੂਨ 1984 ਦੇ ਸਾਕੇ ਤੋਂ ਬਾਅਦ ਹਰਭਜਨ ਸਿੰਘ ਬੜਾ ਉਪਰਾਮ ਹੋ ਗਿਆ। ਪੁਲੀਸ
